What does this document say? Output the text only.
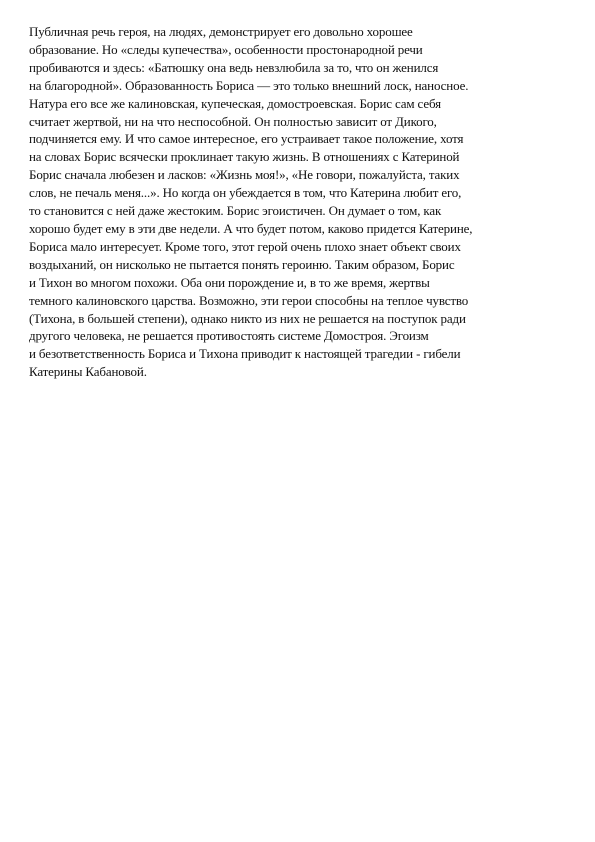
Публичная речь героя, на людях, демонстрирует его довольно хорошее
образование. Но «следы купечества», особенности простонародной речи
пробиваются и здесь: «Батюшку она ведь невзлюбила за то, что он женился
на благородной». Образованность Бориса — это только внешний лоск, наносное.
Натура его все же калиновская, купеческая, домостроевская. Борис сам себя
считает жертвой, ни на что неспособной. Он полностью зависит от Дикого,
подчиняется ему. И что самое интересное, его устраивает такое положение, хотя
на словах Борис всячески проклинает такую жизнь. В отношениях с Катериной
Борис сначала любезен и ласков: «Жизнь моя!», «Не говори, пожалуйста, таких
слов, не печаль меня...». Но когда он убеждается в том, что Катерина любит его,
то становится с ней даже жестоким. Борис эгоистичен. Он думает о том, как
хорошо будет ему в эти две недели. А что будет потом, каково придется Катерине,
Бориса мало интересует. Кроме того, этот герой очень плохо знает объект своих
воздыханий, он нисколько не пытается понять героиню. Таким образом, Борис
и Тихон во многом похожи. Оба они порождение и, в то же время, жертвы
темного калиновского царства. Возможно, эти герои способны на теплое чувство
(Тихона, в большей степени), однако никто из них не решается на поступок ради
другого человека, не решается противостоять системе Домостроя. Эгоизм
и безответственность Бориса и Тихона приводит к настоящей трагедии - гибели
Катерины Кабановой.
